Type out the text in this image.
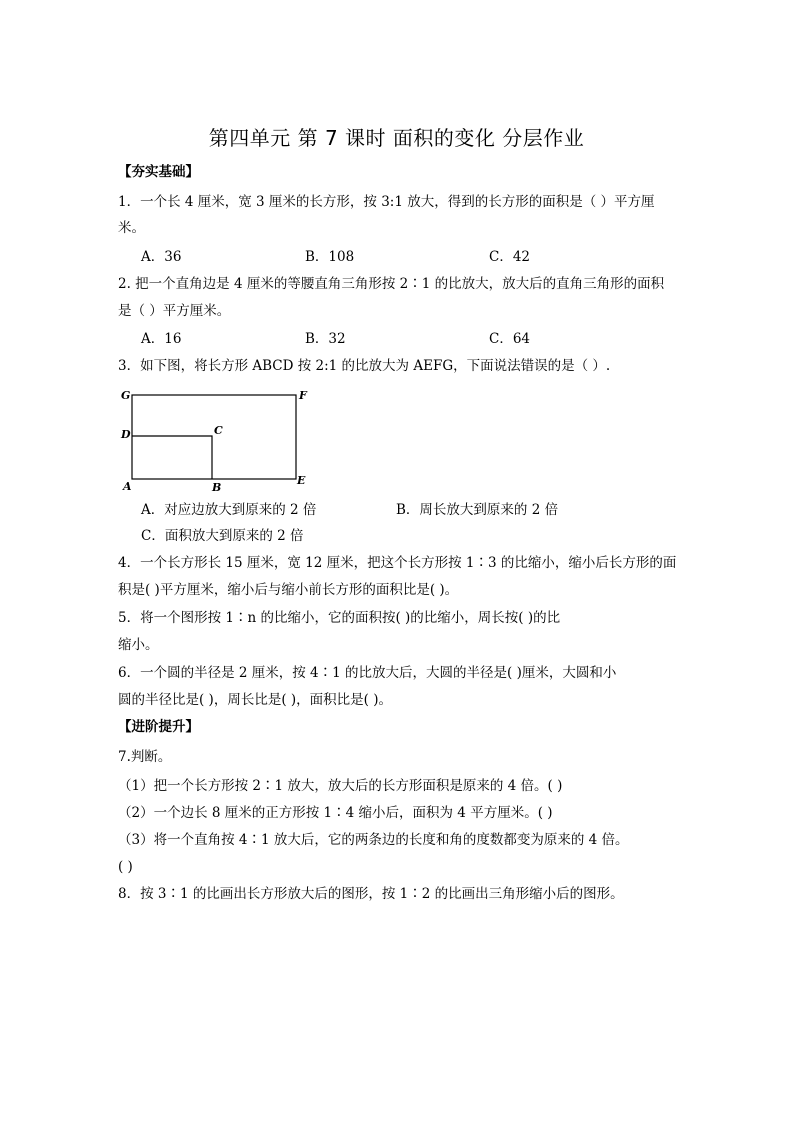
第四单元 第 7 课时 面积的变化 分层作业
【夯实基础】
1．一个长 4 厘米，宽 3 厘米的长方形，按 3:1 放大，得到的长方形的面积是（ ）平方厘
米。
A．36	B．108	C．42
2. 把一个直角边是 4 厘米的等腰直角三角形按 2∶1 的比放大，放大后的直角三角形的面积
是（ ）平方厘米。
A．16	B．32	C．64
3．如下图，将长方形 ABCD 按 2:1 的比放大为 AEFG，下面说法错误的是（ ）.
G	F
D	C
A	B
E
A．对应边放大到原来的 2 倍	B．周长放大到原来的 2 倍
C．面积放大到原来的 2 倍
4．一个长方形长 15 厘米，宽 12 厘米，把这个长方形按 1∶3 的比缩小，缩小后长方形的面
积是( )平方厘米，缩小后与缩小前长方形的面积比是( )。
5．将一个图形按 1∶n 的比缩小，它的面积按( )的比缩小，周长按( )的比
缩小。
6．一个圆的半径是 2 厘米，按 4∶1 的比放大后，大圆的半径是( )厘米，大圆和小
圆的半径比是( )，周长比是( )，面积比是( )。
【进阶提升】
7.判断。
（1）把一个长方形按 2∶1 放大，放大后的长方形面积是原来的 4 倍。( )
（2）一个边长 8 厘米的正方形按 1∶4 缩小后，面积为 4 平方厘米。( )
（3）将一个直角按 4∶1 放大后，它的两条边的长度和角的度数都变为原来的 4 倍。
( )
8．按 3∶1 的比画出长方形放大后的图形，按 1∶2 的比画出三角形缩小后的图形。
